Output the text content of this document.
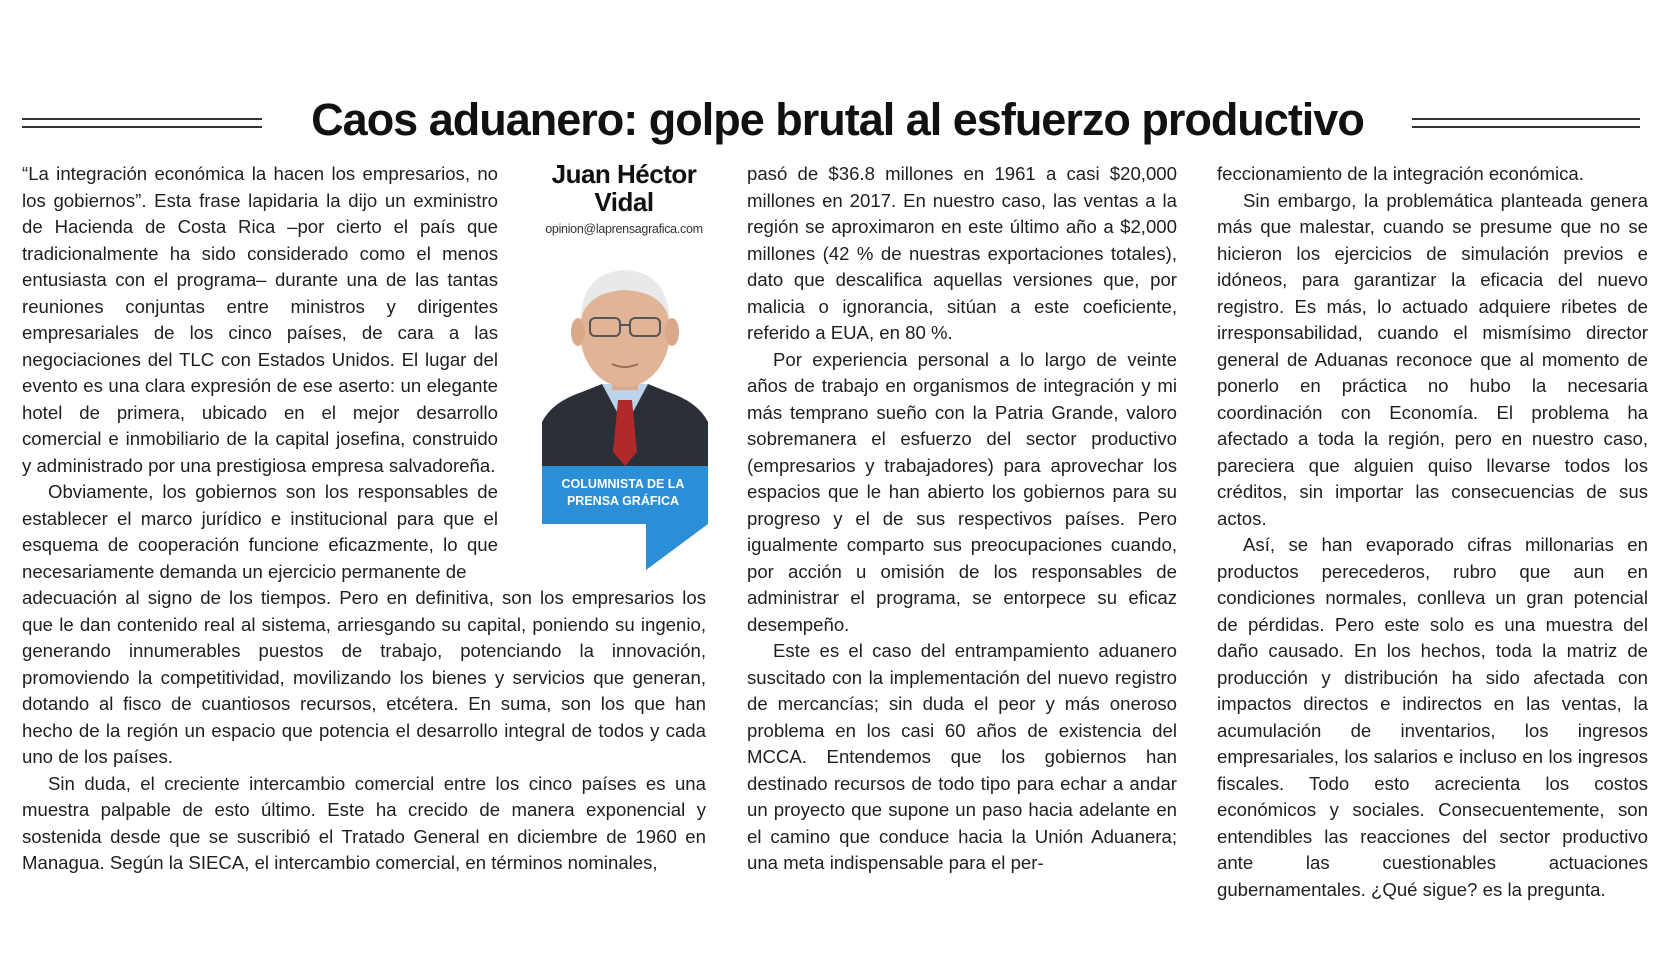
Caos aduanero: golpe brutal al esfuerzo productivo

“La integración económica la hacen los empresarios, no los gobiernos”. Esta frase lapidaria la dijo un exministro de Hacienda de Costa Rica –por cierto el país que tradicionalmente ha sido considerado como el menos entusiasta con el programa– durante una de las tantas reuniones conjuntas entre ministros y dirigentes empresariales de los cinco países, de cara a las negociaciones del TLC con Estados Unidos. El lugar del evento es una clara expresión de ese aserto: un elegante hotel de primera, ubicado en el mejor desarrollo comercial e inmobiliario de la capital josefina, construido y administrado por una prestigiosa empresa salvadoreña.

Obviamente, los gobiernos son los responsables de establecer el marco jurídico e institucional para que el esquema de cooperación funcione eficazmente, lo que necesariamente demanda un ejercicio permanente de

adecuación al signo de los tiempos. Pero en definitiva, son los empresarios los que le dan contenido real al sistema, arriesgando su capital, poniendo su ingenio, generando innumerables puestos de trabajo, potenciando la innovación, promoviendo la competitividad, movilizando los bienes y servicios que generan, dotando al fisco de cuantiosos recursos, etcétera. En suma, son los que han hecho de la región un espacio que potencia el desarrollo integral de todos y cada uno de los países.

Sin duda, el creciente intercambio comercial entre los cinco países es una muestra palpable de esto último. Este ha crecido de manera exponencial y sostenida desde que se suscribió el Tratado General en diciembre de 1960 en Managua. Según la SIECA, el intercambio comercial, en términos nominales,

Juan Héctor Vidal
opinion@laprensagrafica.com
COLUMNISTA DE LA PRENSA GRÁFICA

pasó de $36.8 millones en 1961 a casi $20,000 millones en 2017. En nuestro caso, las ventas a la región se aproximaron en este último año a $2,000 millones (42 % de nuestras exportaciones totales), dato que descalifica aquellas versiones que, por malicia o ignorancia, sitúan a este coeficiente, referido a EUA, en 80 %.

Por experiencia personal a lo largo de veinte años de trabajo en organismos de integración y mi más temprano sueño con la Patria Grande, valoro sobremanera el esfuerzo del sector productivo (empresarios y trabajadores) para aprovechar los espacios que le han abierto los gobiernos para su progreso y el de sus respectivos países. Pero igualmente comparto sus preocupaciones cuando, por acción u omisión de los responsables de administrar el programa, se entorpece su eficaz desempeño.

Este es el caso del entrampamiento aduanero suscitado con la implementación del nuevo registro de mercancías; sin duda el peor y más oneroso problema en los casi 60 años de existencia del MCCA. Entendemos que los gobiernos han destinado recursos de todo tipo para echar a andar un proyecto que supone un paso hacia adelante en el camino que conduce hacia la Unión Aduanera; una meta indispensable para el per-

feccionamiento de la integración económica.

Sin embargo, la problemática planteada genera más que malestar, cuando se presume que no se hicieron los ejercicios de simulación previos e idóneos, para garantizar la eficacia del nuevo registro. Es más, lo actuado adquiere ribetes de irresponsabilidad, cuando el mismísimo director general de Aduanas reconoce que al momento de ponerlo en práctica no hubo la necesaria coordinación con Economía. El problema ha afectado a toda la región, pero en nuestro caso, pareciera que alguien quiso llevarse todos los créditos, sin importar las consecuencias de sus actos.

Así, se han evaporado cifras millonarias en productos perecederos, rubro que aun en condiciones normales, conlleva un gran potencial de pérdidas. Pero este solo es una muestra del daño causado. En los hechos, toda la matriz de producción y distribución ha sido afectada con impactos directos e indirectos en las ventas, la acumulación de inventarios, los ingresos empresariales, los salarios e incluso en los ingresos fiscales. Todo esto acrecienta los costos económicos y sociales. Consecuentemente, son entendibles las reacciones del sector productivo ante las cuestionables actuaciones gubernamentales. ¿Qué sigue? es la pregunta.
